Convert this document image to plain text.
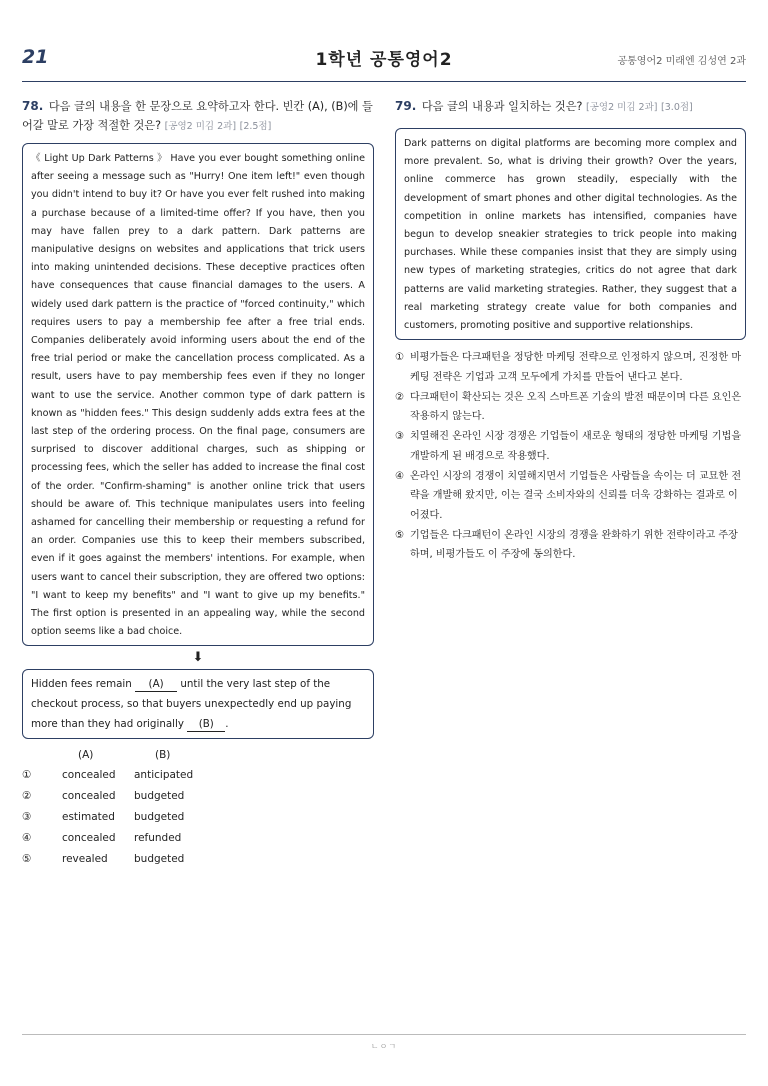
21	1학년 공통영어2	공통영어2 미래엔 김성연 2과
78. 다음 글의 내용을 한 문장으로 요약하고자 한다. 빈칸 (A), (B)에 들어갈 말로 가장 적절한 것은? [공영2 미김 2과] [2.5점]
《 Light Up Dark Patterns 》 Have you ever bought something online after seeing a message such as "Hurry! One item left!" even though you didn't intend to buy it? Or have you ever felt rushed into making a purchase because of a limited-time offer? If you have, then you may have fallen prey to a dark pattern. Dark patterns are manipulative designs on websites and applications that trick users into making unintended decisions. These deceptive practices often have consequences that cause financial damages to the users. A widely used dark pattern is the practice of "forced continuity," which requires users to pay a membership fee after a free trial ends. Companies deliberately avoid informing users about the end of the free trial period or make the cancellation process complicated. As a result, users have to pay membership fees even if they no longer want to use the service. Another common type of dark pattern is known as "hidden fees." This design suddenly adds extra fees at the last step of the ordering process. On the final page, consumers are surprised to discover additional charges, such as shipping or processing fees, which the seller has added to increase the final cost of the order. "Confirm-shaming" is another online trick that users should be aware of. This technique manipulates users into feeling ashamed for cancelling their membership or requesting a refund for an order. Companies use this to keep their members subscribed, even if it goes against the members' intentions. For example, when users want to cancel their subscription, they are offered two options: "I want to keep my benefits" and "I want to give up my benefits." The first option is presented in an appealing way, while the second option seems like a bad choice.
⬇
Hidden fees remain (A) until the very last step of the checkout process, so that buyers unexpectedly end up paying more than they had originally (B) .
(A)	(B)
①	concealed anticipated
②	concealed budgeted
③	estimated budgeted
④	concealed refunded
⑤	revealed	budgeted
79. 다음 글의 내용과 일치하는 것은? [공영2 미김 2과] [3.0점]
Dark patterns on digital platforms are becoming more complex and more prevalent. So, what is driving their growth? Over the years, online commerce has grown steadily, especially with the development of smart phones and other digital technologies. As the competition in online markets has intensified, companies have begun to develop sneakier strategies to trick people into making purchases. While these companies insist that they are simply using new types of marketing strategies, critics do not agree that dark patterns are valid marketing strategies. Rather, they suggest that a real marketing strategy create value for both companies and customers, promoting positive and supportive relationships.
① 비평가들은 다크패턴을 정당한 마케팅 전략으로 인정하지 않으며, 진정한 마케팅 전략은 기업과 고객 모두에게 가치를 만들어 낸다고 본다.
② 다크패턴이 확산되는 것은 오직 스마트폰 기술의 발전 때문이며 다른 요인은 작용하지 않는다.
③ 치열해진 온라인 시장 경쟁은 기업들이 새로운 형태의 정당한 마케팅 기법을 개발하게 된 배경으로 작용했다.
④ 온라인 시장의 경쟁이 치열해지면서 기업들은 사람들을 속이는 더 교묘한 전략을 개발해 왔지만, 이는 결국 소비자와의 신뢰를 더욱 강화하는 결과로 이어졌다.
⑤ 기업들은 다크패턴이 온라인 시장의 경쟁을 완화하기 위한 전략이라고 주장하며, 비평가들도 이 주장에 동의한다.
ㄴㅇㄱ
